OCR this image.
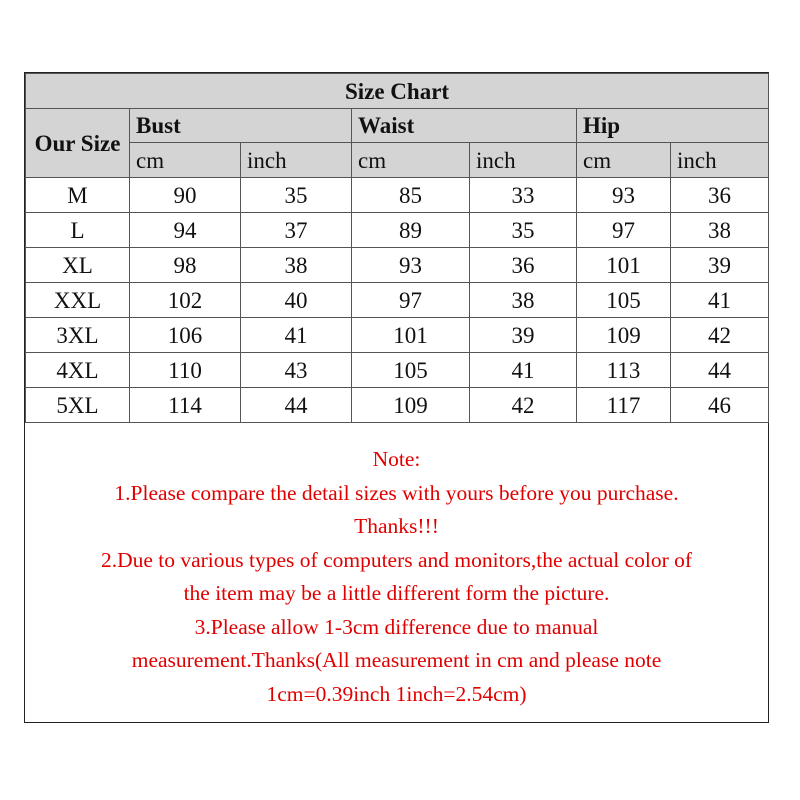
Size Chart						
Our Size	Bust		Waist		Hip	
	cm	inch	cm	inch	cm	inch
M	90	35	85	33	93	36
L	94	37	89	35	97	38
XL	98	38	93	36	101	39
XXL	102	40	97	38	105	41
3XL	106	41	101	39	109	42
4XL	110	43	105	41	113	44
5XL	114	44	109	42	117	46
Note:
1.Please compare the detail sizes with yours before you purchase.
Thanks!!!
2.Due to various types of computers and monitors,the actual color of
the item may be a little different form the picture.
3.Please allow 1-3cm difference due to manual
measurement.Thanks(All measurement in cm and please note
1cm=0.39inch 1inch=2.54cm)
